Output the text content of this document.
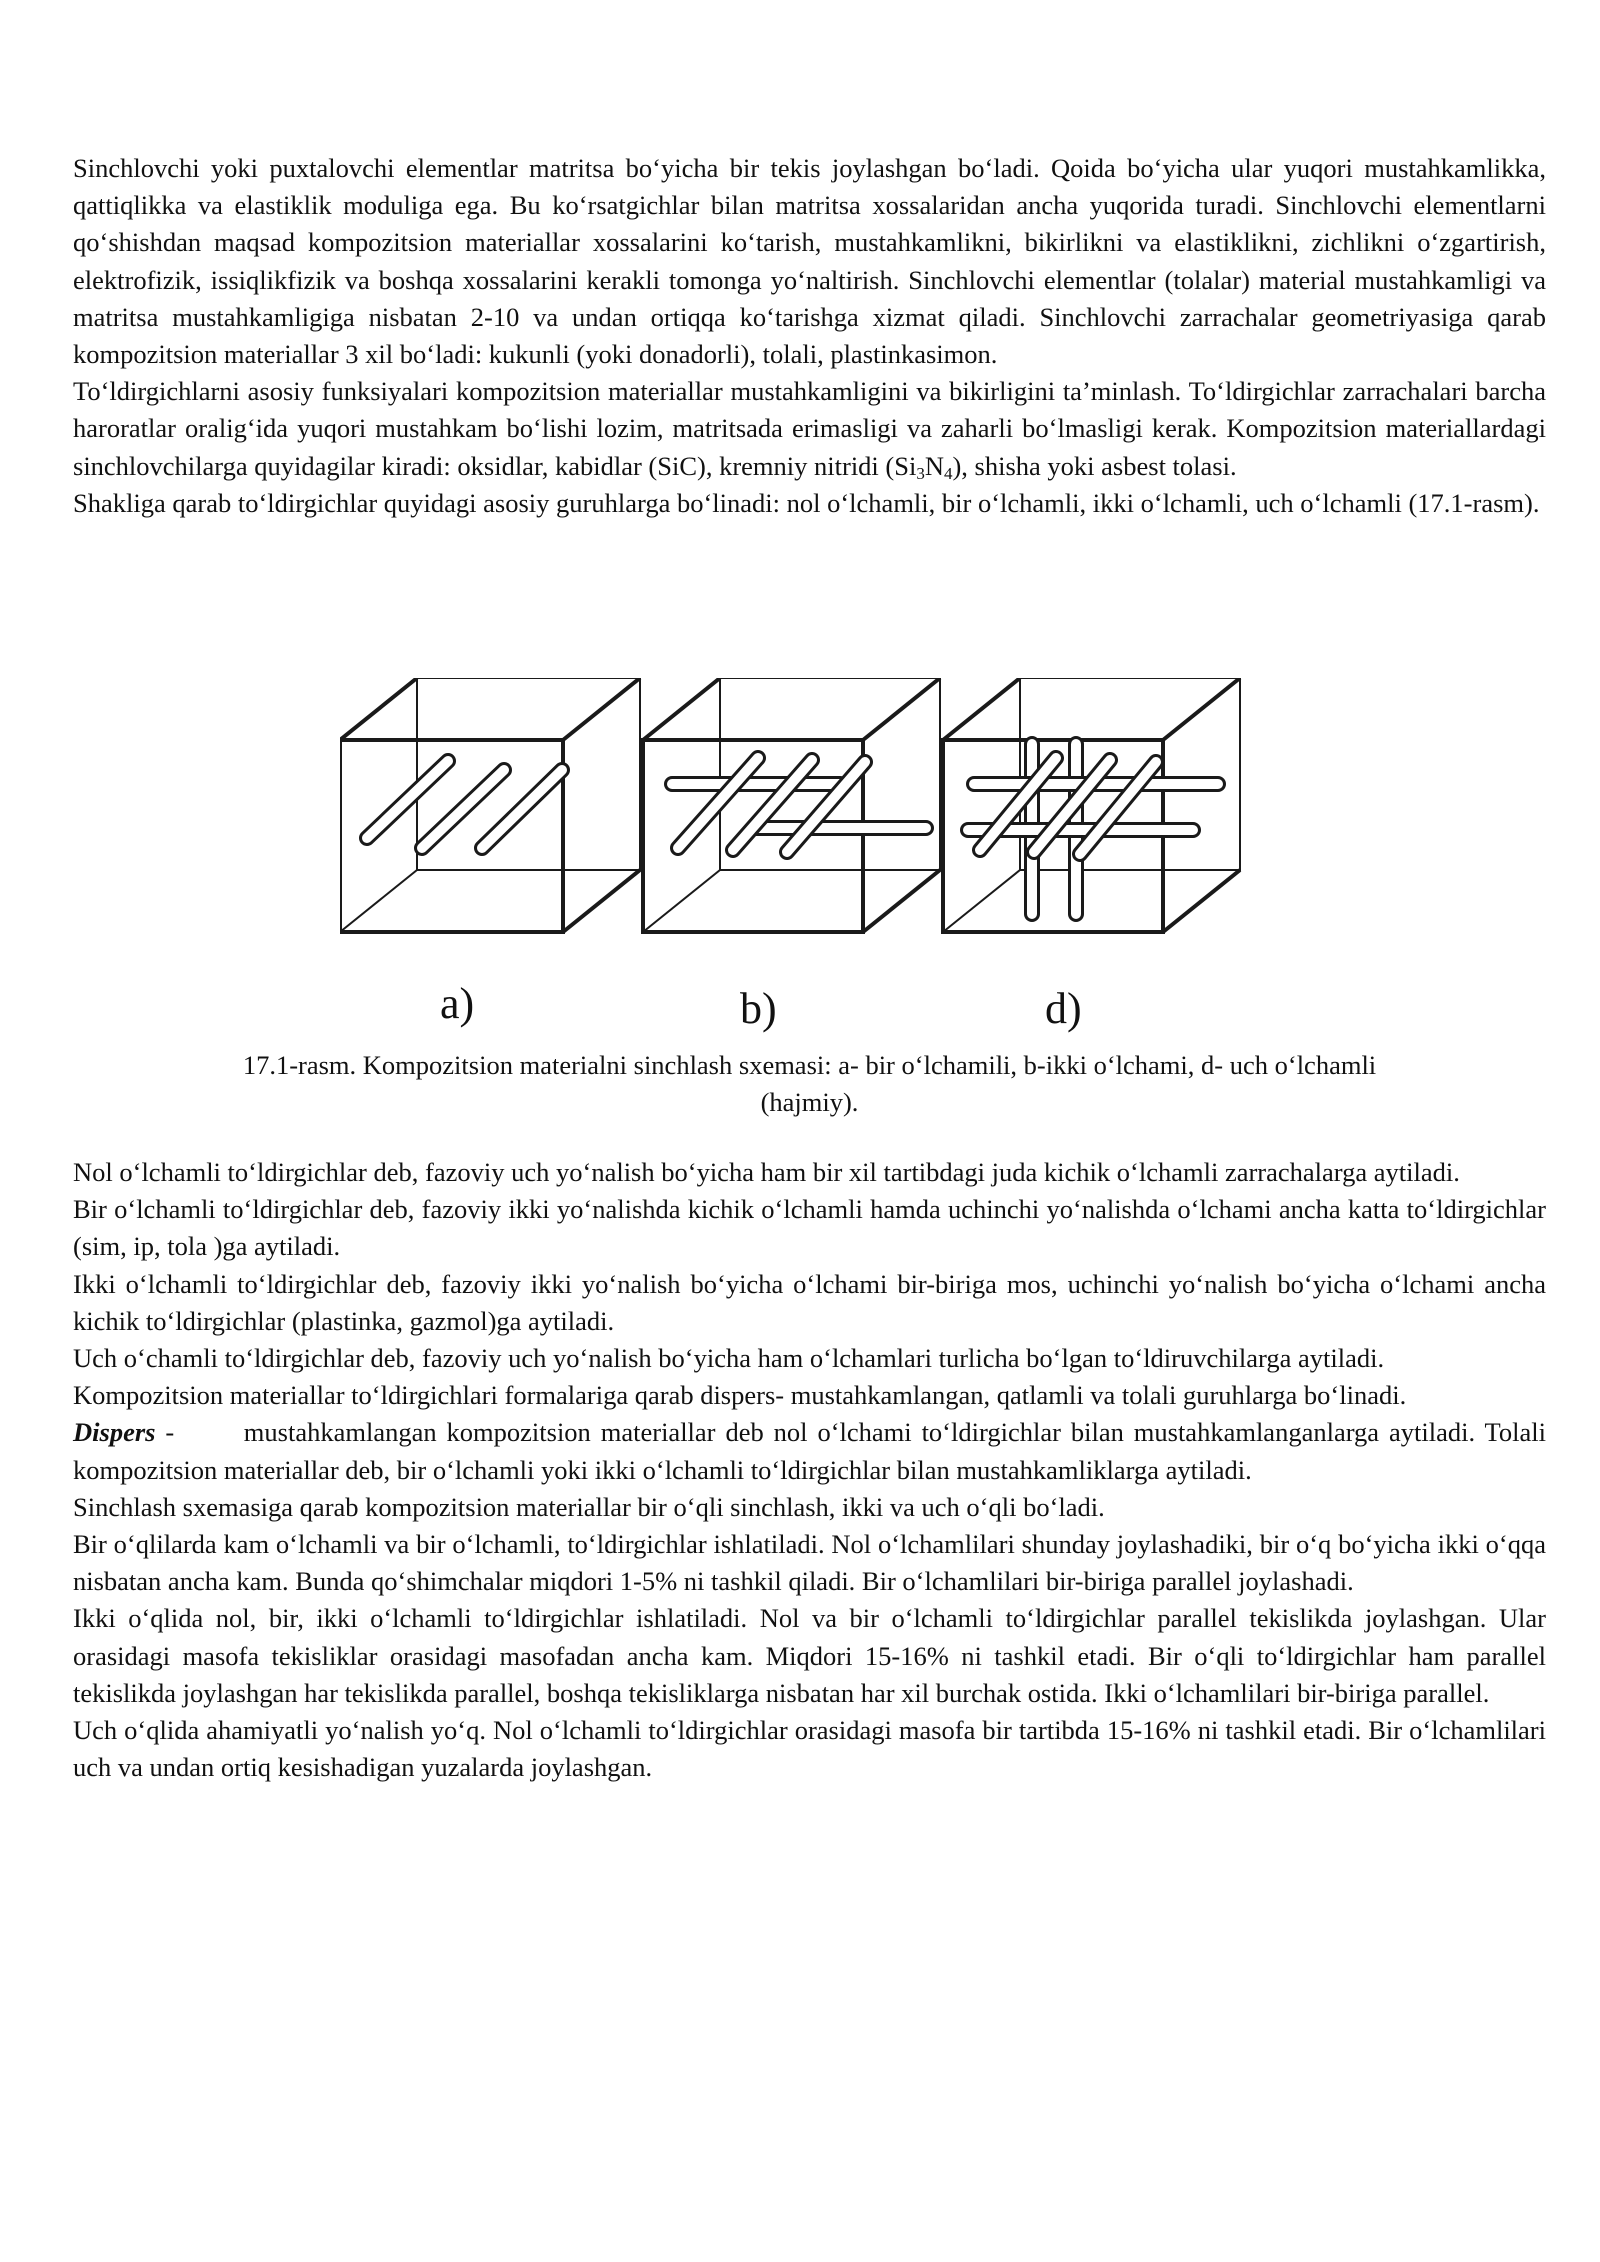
Sinchlovchi yoki puxtalovchi elementlar matritsa bo‘yicha bir tekis joylashgan bo‘ladi. Qoida bo‘yicha ular yuqori mustahkamlikka, qattiqlikka va elastiklik moduliga ega. Bu ko‘rsatgichlar bilan matritsa xossalaridan ancha yuqorida turadi. Sinchlovchi elementlarni qo‘shishdan maqsad kompozitsion materiallar xossalarini ko‘tarish, mustahkamlikni, bikirlikni va elastiklikni, zichlikni o‘zgartirish, elektrofizik, issiqlikfizik va boshqa xossalarini kerakli tomonga yo‘naltirish. Sinchlovchi elementlar (tolalar) material mustahkamligi va matritsa mustahkamligiga nisbatan 2-10 va undan ortiqqa ko‘tarishga xizmat qiladi. Sinchlovchi zarrachalar geometriyasiga qarab kompozitsion materiallar 3 xil bo‘ladi: kukunli (yoki donadorli), tolali, plastinkasimon.

To‘ldirgichlarni asosiy funksiyalari kompozitsion materiallar mustahkamligini va bikirligini ta’minlash. To‘ldirgichlar zarrachalari barcha haroratlar oralig‘ida yuqori mustahkam bo‘lishi lozim, matritsada erimasligi va zaharli bo‘lmasligi kerak. Kompozitsion materiallardagi sinchlovchilarga quyidagilar kiradi: oksidlar, kabidlar (SiC), kremniy nitridi $(Si_3N_4)$, shisha yoki asbest tolasi.

Shakliga qarab to‘ldirgichlar quyidagi asosiy guruhlarga bo‘linadi: nol o‘lchamli, bir o‘lchamli, ikki o‘lchamli, uch o‘lchamli (17.1-rasm).

a)	b)	d)
17.1-rasm. Kompozitsion materialni sinchlash sxemasi: a- bir o‘lchamili, b-ikki o‘lchami, d- uch o‘lchamli
(hajmiy).

Nol o‘lchamli to‘ldirgichlar deb, fazoviy uch yo‘nalish bo‘yicha ham bir xil tartibdagi juda kichik o‘lchamli zarrachalarga aytiladi.

Bir o‘lchamli to‘ldirgichlar deb, fazoviy ikki yo‘nalishda kichik o‘lchamli hamda uchinchi yo‘nalishda o‘lchami ancha katta to‘ldirgichlar (sim, ip, tola )ga aytiladi.

Ikki o‘lchamli to‘ldirgichlar deb, fazoviy ikki yo‘nalish bo‘yicha o‘lchami bir-biriga mos, uchinchi yo‘nalish bo‘yicha o‘lchami ancha kichik to‘ldirgichlar (plastinka, gazmol)ga aytiladi.

Uch o‘chamli to‘ldirgichlar deb, fazoviy uch yo‘nalish bo‘yicha ham o‘lchamlari turlicha bo‘lgan to‘ldiruvchilarga aytiladi.

Kompozitsion materiallar to‘ldirgichlari formalariga qarab dispers- mustahkamlangan, qatlamli va tolali guruhlarga bo‘linadi.

Dispers -       mustahkamlangan kompozitsion materiallar deb nol o‘lchami to‘ldirgichlar bilan mustahkamlanganlarga aytiladi. Tolali kompozitsion materiallar deb, bir o‘lchamli yoki ikki o‘lchamli to‘ldirgichlar bilan mustahkamliklarga aytiladi.

Sinchlash sxemasiga qarab kompozitsion materiallar bir o‘qli sinchlash, ikki va uch o‘qli bo‘ladi.

Bir o‘qlilarda kam o‘lchamli va bir o‘lchamli, to‘ldirgichlar ishlatiladi. Nol o‘lchamlilari shunday joylashadiki, bir o‘q bo‘yicha ikki o‘qqa nisbatan ancha kam. Bunda qo‘shimchalar miqdori 1-5% ni tashkil qiladi. Bir o‘lchamlilari bir-biriga parallel joylashadi.

Ikki o‘qlida nol, bir, ikki o‘lchamli to‘ldirgichlar ishlatiladi. Nol va bir o‘lchamli to‘ldirgichlar parallel tekislikda joylashgan. Ular orasidagi masofa tekisliklar orasidagi masofadan ancha kam. Miqdori 15-16% ni tashkil etadi. Bir o‘qli to‘ldirgichlar ham parallel tekislikda joylashgan har tekislikda parallel, boshqa tekisliklarga nisbatan har xil burchak ostida. Ikki o‘lchamlilari bir-biriga parallel.

Uch o‘qlida ahamiyatli yo‘nalish yo‘q. Nol o‘lchamli to‘ldirgichlar orasidagi masofa bir tartibda 15-16% ni tashkil etadi. Bir o‘lchamlilari uch va undan ortiq kesishadigan yuzalarda joylashgan.
